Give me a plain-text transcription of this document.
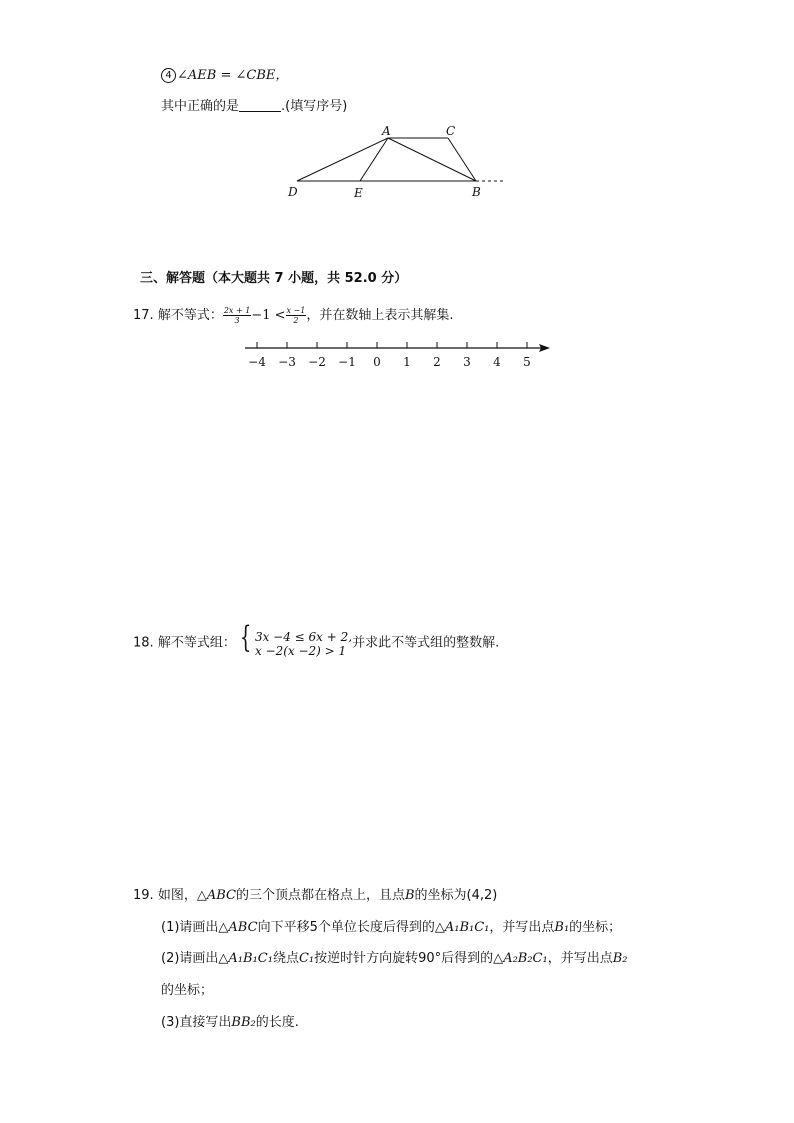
4 ∠AEB = ∠CBE，
其中正确的是	.(填写序号)
A	C
D	E	B
三、解答题（本大题共 7 小题，共 52.0 分）
17. 解不等式： $\frac{2x + 1}{3} -1 < \frac{x -1}{2}$ ，并在数轴上表示其解集.
−4 −3 −2 −1 0 1 2 3 4 5
18. 解不等式组： { 3x −4 ≤ 6x + 2,
x −2(x −2) > 1 并求此不等式组的整数解.
19. 如图，△ABC的三个顶点都在格点上，且点B的坐标为(4,2)
(1)请画出△ABC向下平移5个单位长度后得到的△A₁B₁C₁，并写出点B₁的坐标；
(2)请画出△A₁B₁C₁绕点C₁按逆时针方向旋转90°后得到的△A₂B₂C₁，并写出点B₂
的坐标；
(3)直接写出BB₂的长度.
